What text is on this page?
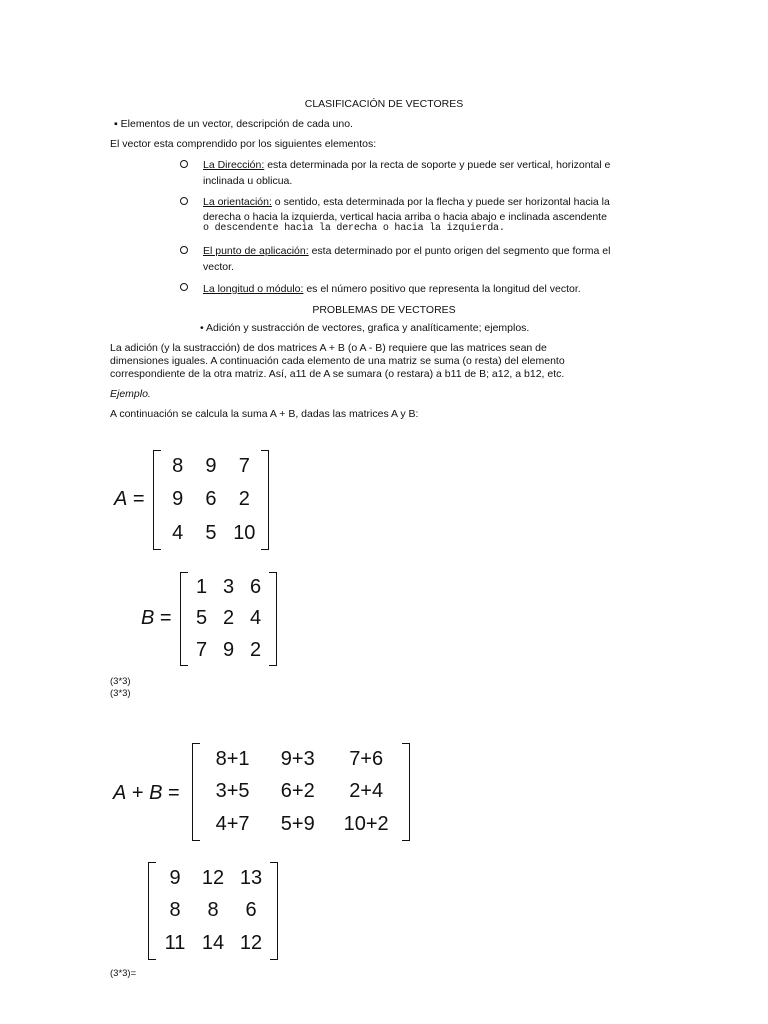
CLASIFICACIÓN DE VECTORES
▪ Elementos de un vector, descripción de cada uno.
El vector esta comprendido por los siguientes elementos:
La Dirección: esta determinada por la recta de soporte y puede ser vertical, horizontal e
inclinada u oblicua.
La orientación: o sentido, esta determinada por la flecha y puede ser horizontal hacia la
derecha o hacia la izquierda, vertical hacia arriba o hacia abajo e inclinada ascendente
o descendente hacia la derecha o hacia la izquierda.
El punto de aplicación: esta determinado por el punto origen del segmento que forma el
vector.
La longitud o módulo: es el número positivo que representa la longitud del vector.
PROBLEMAS DE VECTORES
• Adición y sustracción de vectores, grafica y analíticamente; ejemplos.
La adición (y la sustracción) de dos matrices A + B (o A - B) requiere que las matrices sean de
dimensiones iguales. A continuación cada elemento de una matriz se suma (o resta) del elemento
correspondiente de la otra matriz. Así, a11 de A se sumara (o restara) a b11 de B; a12, a b12, etc.
Ejemplo.
A continuación se calcula la suma A + B, dadas las matrices A y B:
A =
8	9	7
9	6	2
4	5 10
B =
1 3 6
5 2 4
7 9 2
(3*3)
(3*3)
A + B =
8+1	9+3	7+6
3+5	6+2	2+4
4+7	5+9	10+2
9	12 13
8	8	6
11 14 12
(3*3)=
